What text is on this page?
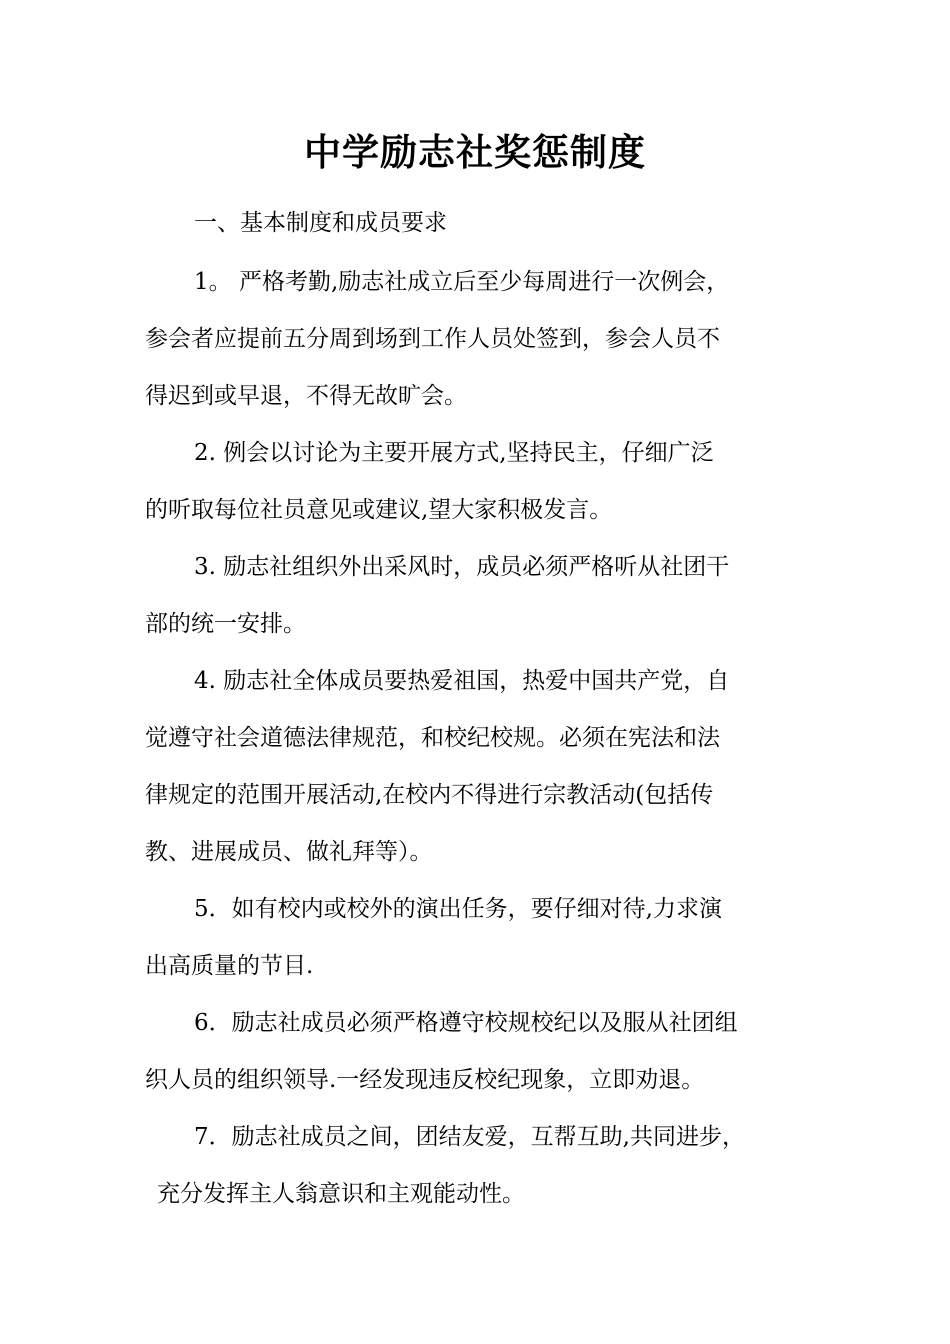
中学励志社奖惩制度

一、基本制度和成员要求

1。 严格考勤,励志社成立后至少每周进行一次例会，

参会者应提前五分周到场到工作人员处签到，参会人员不

得迟到或早退，不得无故旷会。

2. 例会以讨论为主要开展方式,坚持民主，仔细广泛

的听取每位社员意见或建议,望大家积极发言。

3. 励志社组织外出采风时，成员必须严格听从社团干

部的统一安排。

4. 励志社全体成员要热爱祖国，热爱中国共产党，自

觉遵守社会道德法律规范，和校纪校规。必须在宪法和法

律规定的范围开展活动,在校内不得进行宗教活动(包括传

教、进展成员、做礼拜等）。

5．如有校内或校外的演出任务，要仔细对待,力求演

出高质量的节目.

6．励志社成员必须严格遵守校规校纪以及服从社团组

织人员的组织领导.一经发现违反校纪现象，立即劝退。

7．励志社成员之间，团结友爱，互帮互助,共同进步，

充分发挥主人翁意识和主观能动性。
